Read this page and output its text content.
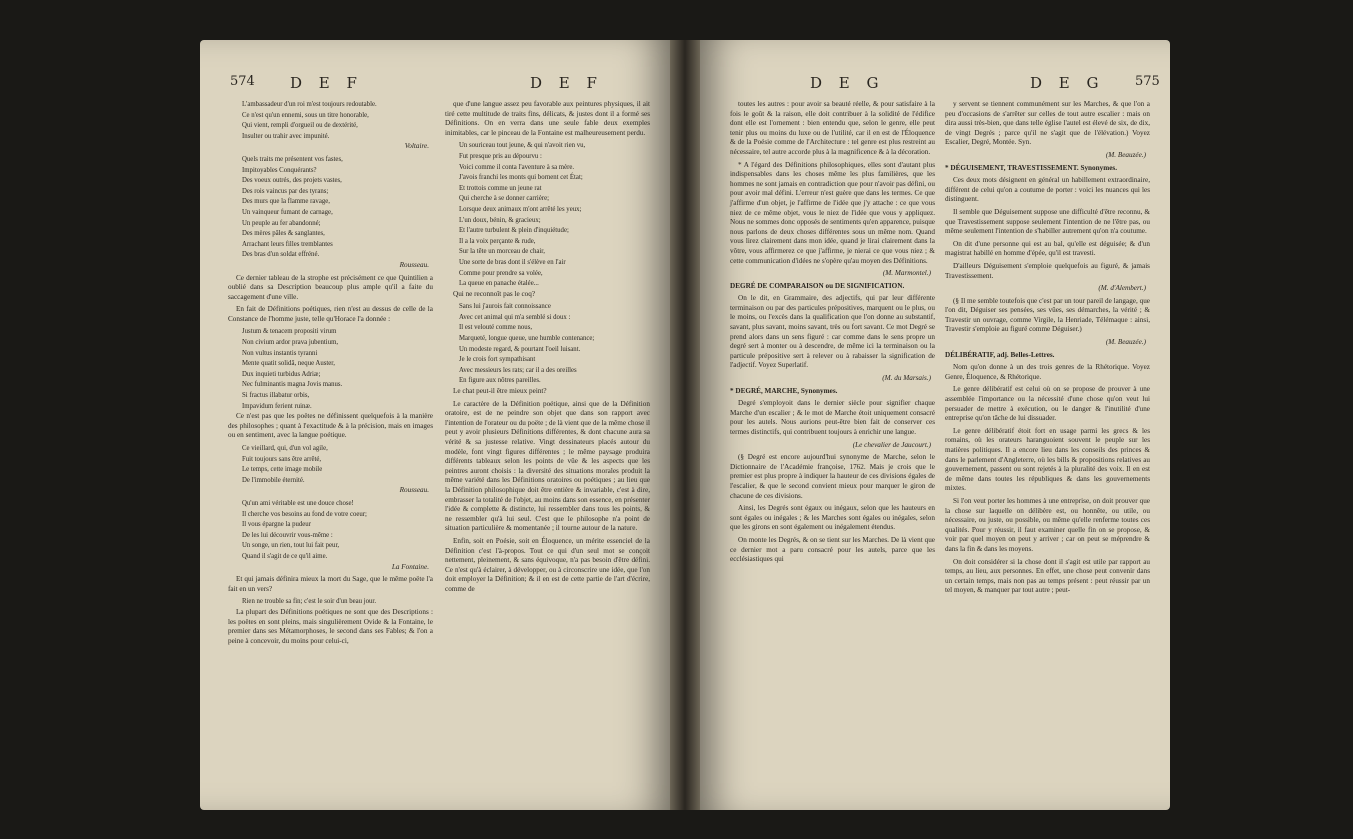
574 D E F	D E F

L'ambassadeur d'un roi m'est toujours redoutable.

Ce n'est qu'un ennemi, sous un titre honorable,

Qui vient, rempli d'orgueil ou de dextérité,

Insulter ou trahir avec impunité.

Voltaire.

Quels traits me présentent vos fastes,

Impitoyables Conquérants?

Des voeux outrés, des projets vastes,

Des rois vaincus par des tyrans;

Des murs que la flamme ravage,

Un vainqueur fumant de carnage,

Un peuple au fer abandonné;

Des mères pâles & sanglantes,

Arrachant leurs filles tremblantes

Des bras d'un soldat effréné.

Rousseau.

Ce dernier tableau de la strophe est précisément ce que Quintilien a oublié dans sa Description beaucoup plus ample qu'il a faite du saccagement d'une ville.

En fait de Définitions poétiques, rien n'est au dessus de celle de la Constance de l'homme juste, telle qu'Horace l'a donnée :

Justum & tenacem propositi virum

Non civium ardor prava jubentium,

Non vultus instantis tyranni

Mente quatit solidâ, neque Auster,

Dux inquieti turbidus Adriæ;

Nec fulminantis magna Jovis manus.

Si fractus illabatur orbis,

Impavidum ferient ruinæ.

Ce n'est pas que les poëtes ne définissent quelquefois à la manière des philosophes ; quant à l'exactitude & à la précision, mais en images ou en sentiment, avec la langue poétique.

Ce vieillard, qui, d'un vol agile,

Fuit toujours sans être arrêté,

Le temps, cette image mobile

De l'immobile éternité.

Rousseau.

Qu'un ami véritable est une douce chose!

Il cherche vos besoins au fond de votre coeur;

Il vous épargne la pudeur

De les lui découvrir vous-même :

Un songe, un rien, tout lui fait peur,

Quand il s'agit de ce qu'il aime.

La Fontaine.

Et qui jamais définira mieux la mort du Sage, que le même poëte l'a fait en un vers?

Rien ne trouble sa fin; c'est le soir d'un beau jour.

La plupart des Définitions poétiques ne sont que des Descriptions : les poëtes en sont pleins, mais singulièrement Ovide & la Fontaine, le premier dans ses Métamorphoses, le second dans ses Fables; & l'on a peine à concevoir, du moins pour celui-ci,

que d'une langue assez peu favorable aux peintures physiques, il ait tiré cette multitude de traits fins, délicats, & justes dont il a formé ses Définitions. On en verra dans une seule fable deux exemples inimitables, car le pinceau de la Fontaine est malheureusement perdu.

Un souriceau tout jeune, & qui n'avoit rien vu,

Fut presque pris au dépourvu :

Voici comme il conta l'aventure à sa mère.

J'avois franchi les monts qui bornent cet État;

Et trottois comme un jeune rat

Qui cherche à se donner carrière;

Lorsque deux animaux m'ont arrêté les yeux;

L'un doux, bénin, & gracieux;

Et l'autre turbulent & plein d'inquiétude;

Il a la voix perçante & rude,

Sur la tête un morceau de chair,

Une sorte de bras dont il s'élève en l'air

Comme pour prendre sa volée,

La queue en panache étalée...

Qui ne reconnoît pas le coq?

Sans lui j'aurois fait connoissance

Avec cet animal qui m'a semblé si doux :

Il est velouté comme nous,

Marqueté, longue queue, une humble contenance;

Un modeste regard, & pourtant l'oeil luisant.

Je le crois fort sympathisant

Avec messieurs les rats; car il a des oreilles

En figure aux nôtres pareilles.

Le chat peut-il être mieux peint?

Le caractère de la Définition poétique, ainsi que de la Définition oratoire, est de ne peindre son objet que dans son rapport avec l'intention de l'orateur ou du poëte ; de là vient que de la même chose il peut y avoir plusieurs Définitions différentes, & dont chacune aura sa vérité & sa justesse relative. Vingt dessinateurs placés autour du modèle, font vingt figures différentes ; le même paysage produira différents tableaux selon les points de vûe & les aspects que les peintres auront choisis : la diversité des situations morales produit la même variété dans les Définitions oratoires ou poétiques ; au lieu que la Définition philosophique doit être entière & invariable, c'est à dire, embrasser la totalité de l'objet, au moins dans son essence, en présenter l'idée & complette & distincte, lui ressembler dans tous les points, & ne ressembler qu'à lui seul. C'est que le philosophe n'a point de situation particulière & momentanée ; il tourne autour de la nature.

Enfin, soit en Poésie, soit en Éloquence, un mérite essenciel de la Définition c'est l'à-propos. Tout ce qui d'un seul mot se conçoit nettement, pleinement, & sans équivoque, n'a pas besoin d'être défini. Ce n'est qu'à éclairer, à développer, ou à circonscrire une idée, que l'on doit employer la Définition; & il en est de cette partie de l'art d'écrire, comme de

D E G	D E G 575

toutes les autres : pour avoir sa beauté réelle, & pour satisfaire à la fois le goût & la raison, elle doit contribuer à la solidité de l'édifice dont elle est l'ornement : bien entendu que, selon le genre, elle peut tenir plus ou moins du luxe ou de l'utilité, car il en est de l'Éloquence & de la Poésie comme de l'Architecture : tel genre est plus restreint au nécessaire, tel autre accorde plus à la magnificence & à la décoration.

* A l'égard des Définitions philosophiques, elles sont d'autant plus indispensables dans les choses même les plus familières, que les hommes ne sont jamais en contradiction que pour n'avoir pas défini, ou pour avoir mal défini. L'erreur n'est guère que dans les termes. Ce que j'affirme d'un objet, je l'affirme de l'idée que j'y attache : ce que vous niez de ce même objet, vous le niez de l'idée que vous y appliquez. Nous ne sommes donc opposés de sentiments qu'en apparence, puisque nous parlons de deux choses différentes sous un même nom. Quand vous lirez clairement dans mon idée, quand je lirai clairement dans la vôtre, vous affirmerez ce que j'affirme, je nierai ce que vous niez ; & cette communication d'idées ne s'opère qu'au moyen des Définitions.

(M. Marmontel.)

DEGRÉ DE COMPARAISON ou DE SIGNIFICATION.

On le dit, en Grammaire, des adjectifs, qui par leur différente terminaison ou par des particules prépositives, marquent ou le plus, ou le moins, ou l'excès dans la qualification que l'on donne au substantif, savant, plus savant, moins savant, très ou fort savant. Ce mot Degré se prend alors dans un sens figuré : car comme dans le sens propre un degré sert à monter ou à descendre, de même ici la terminaison ou la particule prépositive sert à relever ou à rabaisser la signification de l'adjectif. Voyez Superlatif.

(M. du Marsais.)

* DEGRÉ, MARCHE, Synonymes.

Degré s'employoit dans le dernier siècle pour signifier chaque Marche d'un escalier ; & le mot de Marche étoit uniquement consacré pour les autels. Nous aurions peut-être bien fait de conserver ces termes distinctifs, qui contribuent toujours à enrichir une langue.

(Le chevalier de Jaucourt.)

(§ Degré est encore aujourd'hui synonyme de Marche, selon le Dictionnaire de l'Académie françoise, 1762. Mais je crois que le premier est plus propre à indiquer la hauteur de ces divisions égales de l'escalier, & que le second convient mieux pour marquer le giron de chacune de ces divisions.

Ainsi, les Degrés sont égaux ou inégaux, selon que les hauteurs en sont égales ou inégales ; & les Marches sont égales ou inégales, selon que les girons en sont également ou inégalement étendus.

On monte les Degrés, & on se tient sur les Marches. De là vient que ce dernier mot a paru consacré pour les autels, parce que les ecclésiastiques qui

y servent se tiennent communément sur les Marches, & que l'on a peu d'occasions de s'arrêter sur celles de tout autre escalier : mais on dira aussi très-bien, que dans telle église l'autel est élevé de six, de dix, de vingt Degrés ; parce qu'il ne s'agit que de l'élévation.) Voyez Escalier, Degré, Montée. Syn.

(M. Beauzée.)

* DÉGUISEMENT, TRAVESTISSEMENT. Synonymes.

Ces deux mots désignent en général un habillement extraordinaire, différent de celui qu'on a coutume de porter : voici les nuances qui les distinguent.

Il semble que Déguisement suppose une difficulté d'être reconnu, & que Travestissement suppose seulement l'intention de ne l'être pas, ou même seulement l'intention de s'habiller autrement qu'on n'a coutume.

On dit d'une personne qui est au bal, qu'elle est déguisée; & d'un magistrat habillé en homme d'épée, qu'il est travesti.

D'ailleurs Déguisement s'emploie quelquefois au figuré, & jamais Travestissement.

(M. d'Alembert.)

(§ Il me semble toutefois que c'est par un tour pareil de langage, que l'on dit, Déguiser ses pensées, ses vûes, ses démarches, la vérité ; & Travestir un ouvrage, comme Virgile, la Henriade, Télémaque : ainsi, Travestir s'emploie au figuré comme Déguiser.)

(M. Beauzée.)

DÉLIBÉRATIF, adj. Belles-Lettres.

Nom qu'on donne à un des trois genres de la Rhétorique. Voyez Genre, Éloquence, & Rhétorique.

Le genre délibératif est celui où on se propose de prouver à une assemblée l'importance ou la nécessité d'une chose qu'on veut lui persuader de mettre à exécution, ou le danger & l'inutilité d'une entreprise qu'on tâche de lui dissuader.

Le genre délibératif étoit fort en usage parmi les grecs & les romains, où les orateurs haranguoient souvent le peuple sur les matières politiques. Il a encore lieu dans les conseils des princes & dans le parlement d'Angleterre, où les bills & propositions relatives au gouvernement, passent ou sont rejetés à la pluralité des voix. Il en est de même dans toutes les républiques & dans les gouvernements mixtes.

Si l'on veut porter les hommes à une entreprise, on doit prouver que la chose sur laquelle on délibère est, ou honnête, ou utile, ou nécessaire, ou juste, ou possible, ou même qu'elle renferme toutes ces qualités. Pour y réussir, il faut examiner quelle fin on se propose, & voir par quel moyen on peut y arriver ; car on peut se méprendre & dans la fin & dans les moyens.

On doit considérer si la chose dont il s'agit est utile par rapport au temps, au lieu, aux personnes. En effet, une chose peut convenir dans un certain temps, mais non pas au temps présent : peut réussir par un tel moyen, & manquer par tout autre ; peut-
